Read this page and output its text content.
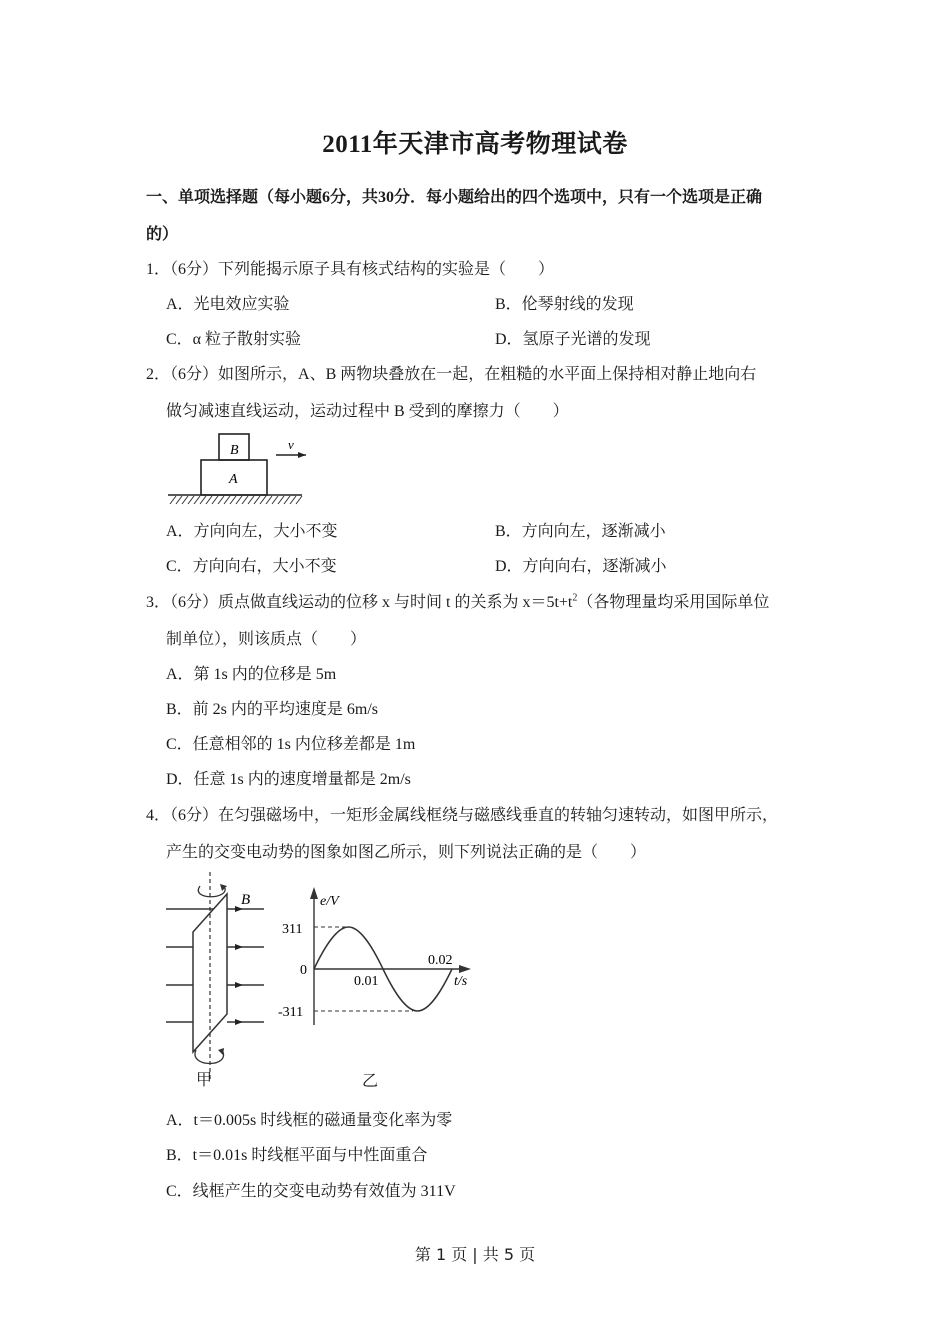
2011年天津市高考物理试卷
一、单项选择题（每小题6分，共30分．每小题给出的四个选项中，只有一个选项是正确
的）
1．（6分）下列能揭示原子具有核式结构的实验是（　　）
A．光电效应实验	B．伦琴射线的发现
C．α 粒子散射实验	D．氢原子光谱的发现
2．（6分）如图所示，A、B 两物块叠放在一起，在粗糙的水平面上保持相对静止地向右
做匀减速直线运动，运动过程中 B 受到的摩擦力（　　）
B
A
v
A．方向向左，大小不变	B．方向向左，逐渐减小
C．方向向右，大小不变	D．方向向右，逐渐减小
3．（6分）质点做直线运动的位移 x 与时间 t 的关系为 $x=5t+t^2$（各物理量均采用国际单位
制单位），则该质点（　　）
A．第 1s 内的位移是 5m
B．前 2s 内的平均速度是 6m/s
C．任意相邻的 1s 内位移差都是 1m
D．任意 1s 内的速度增量都是 2m/s
4．（6分）在匀强磁场中，一矩形金属线框绕与磁感线垂直的转轴匀速转动，如图甲所示，
产生的交变电动势的图象如图乙所示，则下列说法正确的是（　　）
B
甲
e/V
311
0
-311
0.01
0.02
t/s
乙
A．t＝0.005s 时线框的磁通量变化率为零
B．t＝0.01s 时线框平面与中性面重合
C．线框产生的交变电动势有效值为 311V
第 1 页 | 共 5 页
